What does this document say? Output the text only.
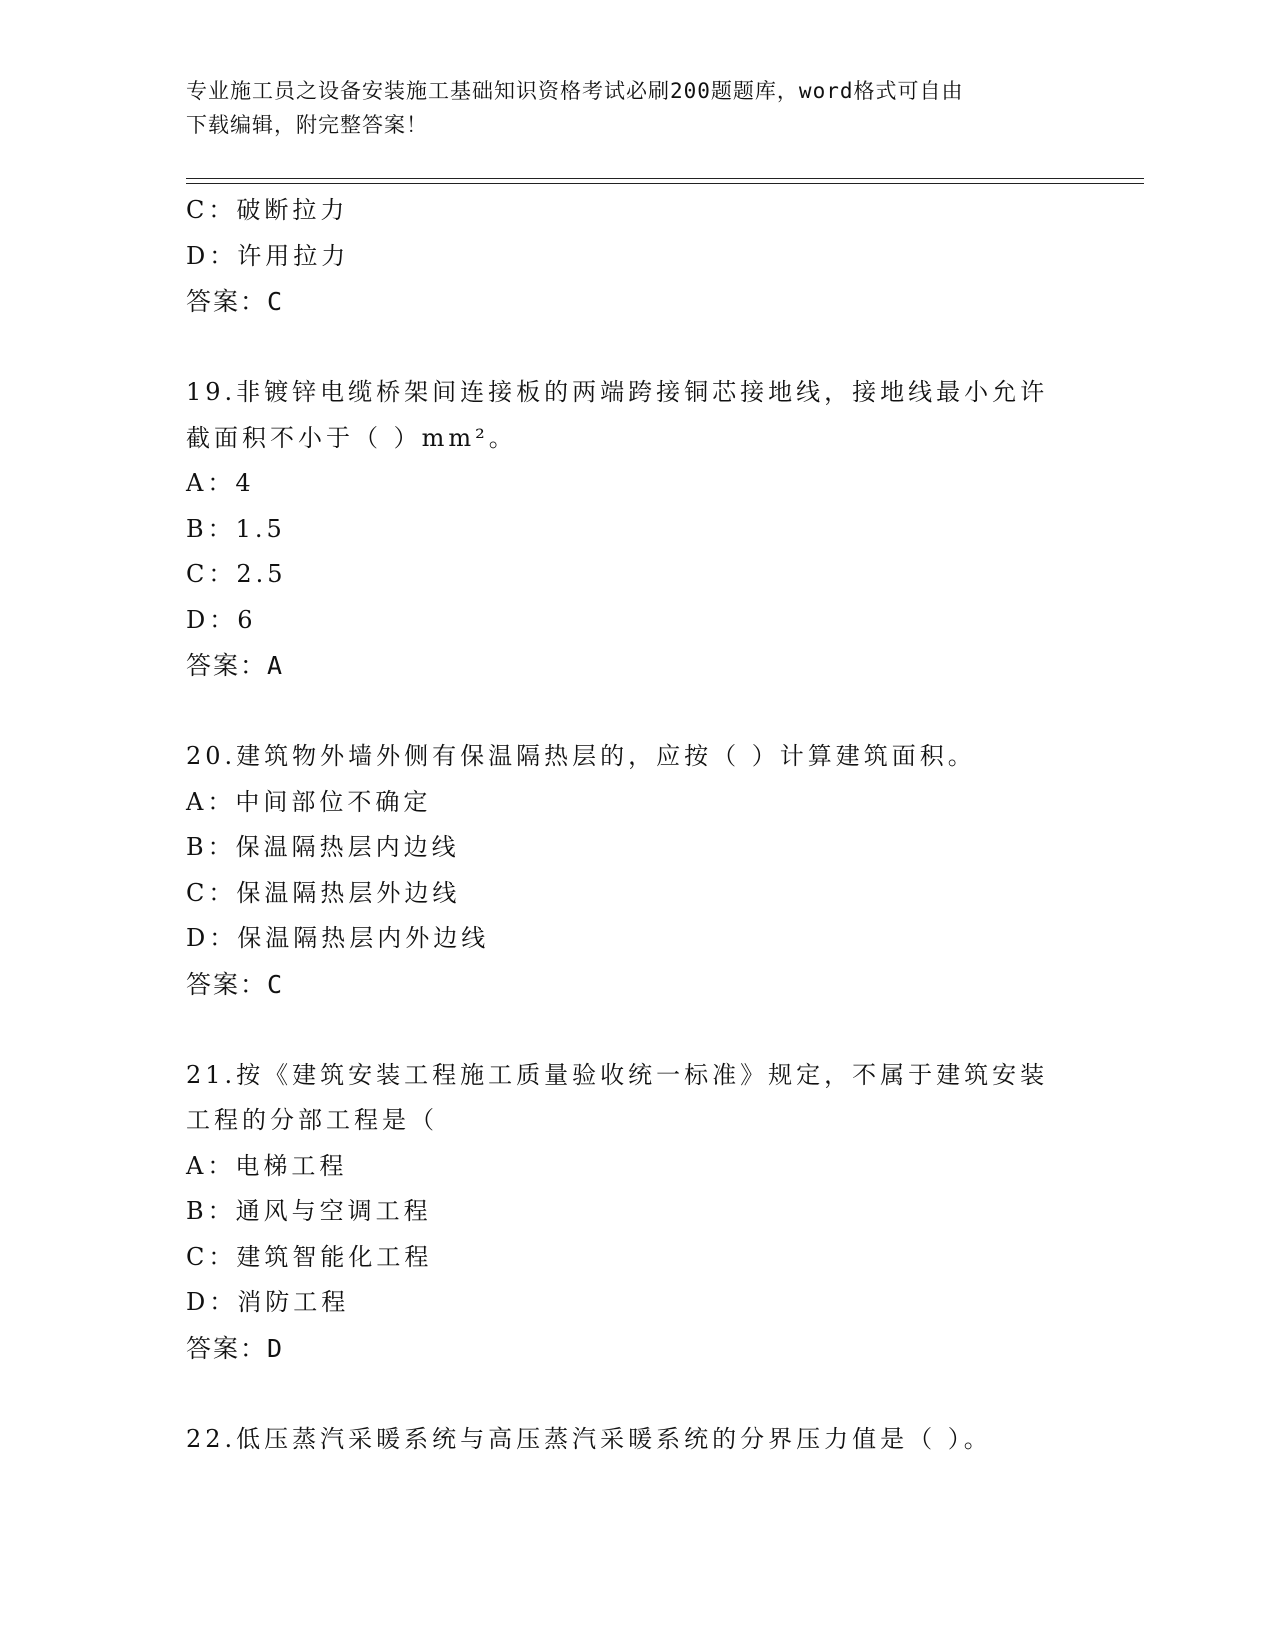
专业施工员之设备安装施工基础知识资格考试必刷200题题库，word格式可自由
下载编辑，附完整答案！
C：破断拉力
D：许用拉力
答案：C
19.非镀锌电缆桥架间连接板的两端跨接铜芯接地线，接地线最小允许
截面积不小于（ ）mm²。
A：4
B：1.5
C：2.5
D：6
答案：A
20.建筑物外墙外侧有保温隔热层的，应按（ ）计算建筑面积。
A：中间部位不确定
B：保温隔热层内边线
C：保温隔热层外边线
D：保温隔热层内外边线
答案：C
21.按《建筑安装工程施工质量验收统一标准》规定，不属于建筑安装
工程的分部工程是（
A：电梯工程
B：通风与空调工程
C：建筑智能化工程
D：消防工程
答案：D
22.低压蒸汽采暖系统与高压蒸汽采暖系统的分界压力值是（ ）。
